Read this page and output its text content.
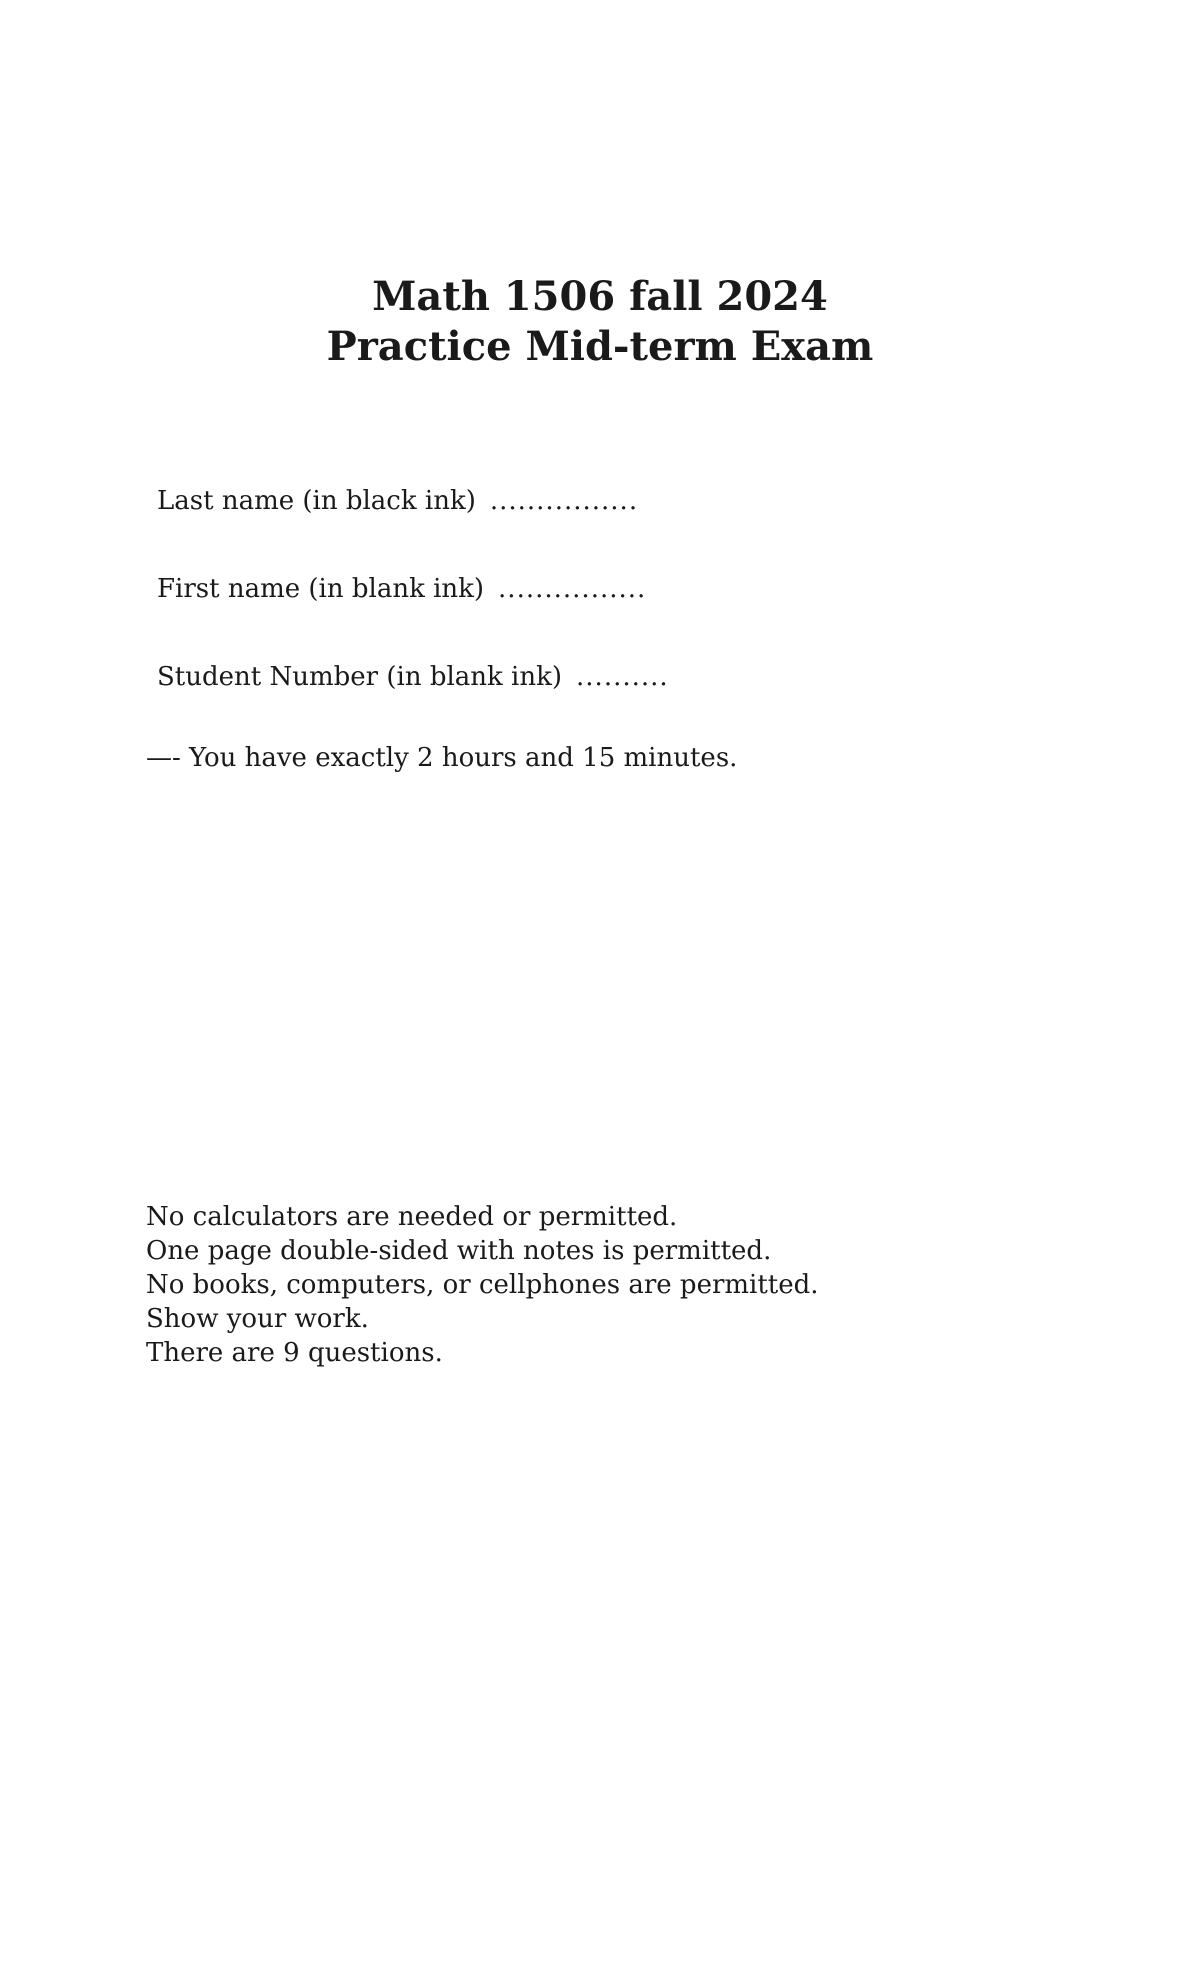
Math 1506 fall 2024
Practice Mid-term Exam
Last name (in black ink) ................
First name (in blank ink) ................
Student Number (in blank ink) ..........
—- You have exactly 2 hours and 15 minutes.
No calculators are needed or permitted.
One page double-sided with notes is permitted.
No books, computers, or cellphones are permitted.
Show your work.
There are 9 questions.
